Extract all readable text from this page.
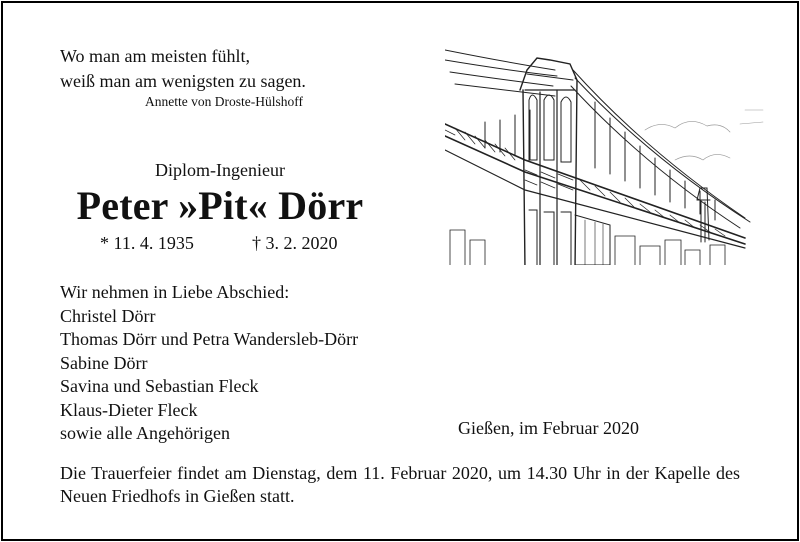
Wo man am meisten fühlt,
weiß man am wenigsten zu sagen.
Annette von Droste-Hülshoff
Diplom-Ingenieur
Peter »Pit« Dörr
* 11. 4. 1935	† 3. 2. 2020
Wir nehmen in Liebe Abschied:
Christel Dörr
Thomas Dörr und Petra Wandersleb-Dörr
Sabine Dörr
Savina und Sebastian Fleck
Klaus-Dieter Fleck
sowie alle Angehörigen	Gießen, im Februar 2020
Die Trauerfeier findet am Dienstag, dem 11. Februar 2020, um 14.30 Uhr in der Kapelle des Neuen Friedhofs in Gießen statt.
